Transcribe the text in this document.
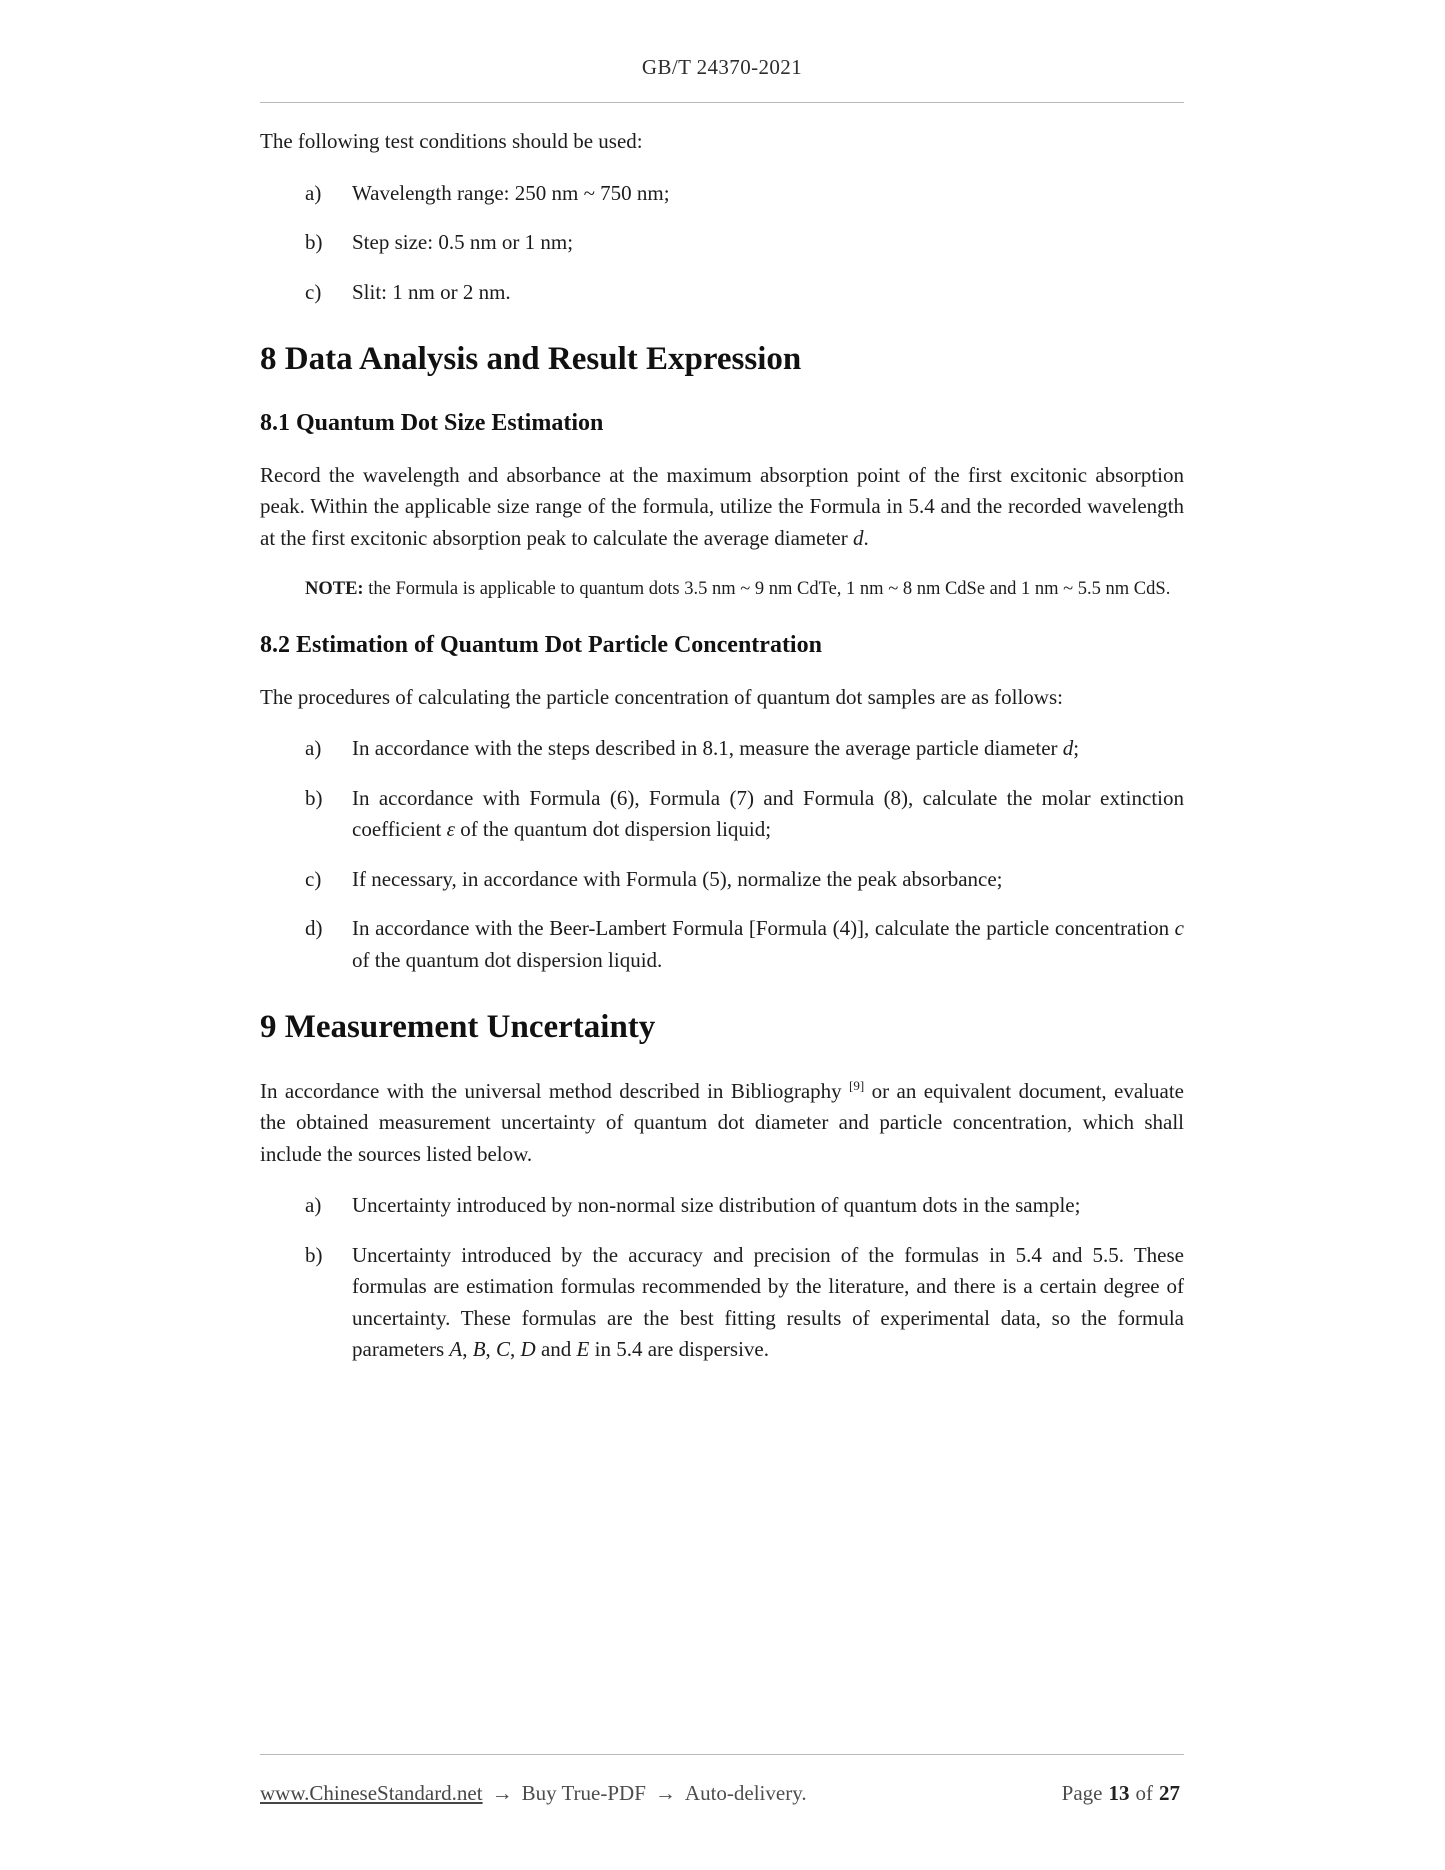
GB/T 24370-2021

The following test conditions should be used:

a)	Wavelength range: 250 nm ~ 750 nm;
b)	Step size: 0.5 nm or 1 nm;
c)	Slit: 1 nm or 2 nm.
8 Data Analysis and Result Expression
8.1 Quantum Dot Size Estimation

Record the wavelength and absorbance at the maximum absorption point of the first excitonic absorption peak. Within the applicable size range of the formula, utilize the Formula in 5.4 and the recorded wavelength at the first excitonic absorption peak to calculate the average diameter d.

NOTE: the Formula is applicable to quantum dots 3.5 nm ~ 9 nm CdTe, 1 nm ~ 8 nm CdSe and 1 nm ~ 5.5 nm CdS.
8.2 Estimation of Quantum Dot Particle Concentration

The procedures of calculating the particle concentration of quantum dot samples are as follows:

a)	In accordance with the steps described in 8.1, measure the average particle diameter d;
b)	In accordance with Formula (6), Formula (7) and Formula (8), calculate the molar extinction coefficient ε of the quantum dot dispersion liquid;
c)	If necessary, in accordance with Formula (5), normalize the peak absorbance;
d)	In accordance with the Beer-Lambert Formula [Formula (4)], calculate the particle concentration c of the quantum dot dispersion liquid.
9 Measurement Uncertainty

In accordance with the universal method described in Bibliography [9] or an equivalent document, evaluate the obtained measurement uncertainty of quantum dot diameter and particle concentration, which shall include the sources listed below.

a)	Uncertainty introduced by non-normal size distribution of quantum dots in the sample;
b)	Uncertainty introduced by the accuracy and precision of the formulas in 5.4 and 5.5. These formulas are estimation formulas recommended by the literature, and there is a certain degree of uncertainty. These formulas are the best fitting results of experimental data, so the formula parameters A, B, C, D and E in 5.4 are dispersive.
www.ChineseStandard.net → Buy True-PDF → Auto-delivery.	Page 13 of 27
